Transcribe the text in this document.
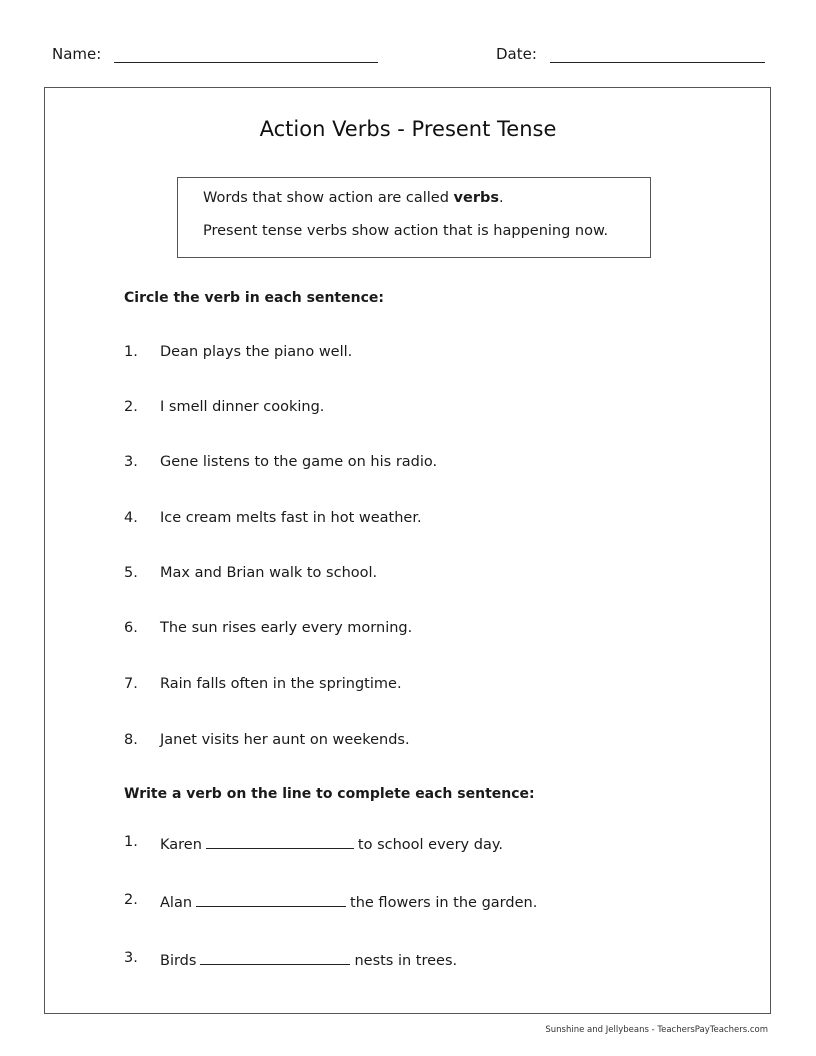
Name:	Date:
Action Verbs - Present Tense
Words that show action are called verbs.
Present tense verbs show action that is happening now.
Circle the verb in each sentence:
1. Dean plays the piano well.
2. I smell dinner cooking.
3. Gene listens to the game on his radio.
4. Ice cream melts fast in hot weather.
5. Max and Brian walk to school.
6. The sun rises early every morning.
7. Rain falls often in the springtime.
8. Janet visits her aunt on weekends.
Write a verb on the line to complete each sentence:
1. Karen	to school every day.
2. Alan	the flowers in the garden.
3. Birds	nests in trees.
Sunshine and Jellybeans - TeachersPayTeachers.com
